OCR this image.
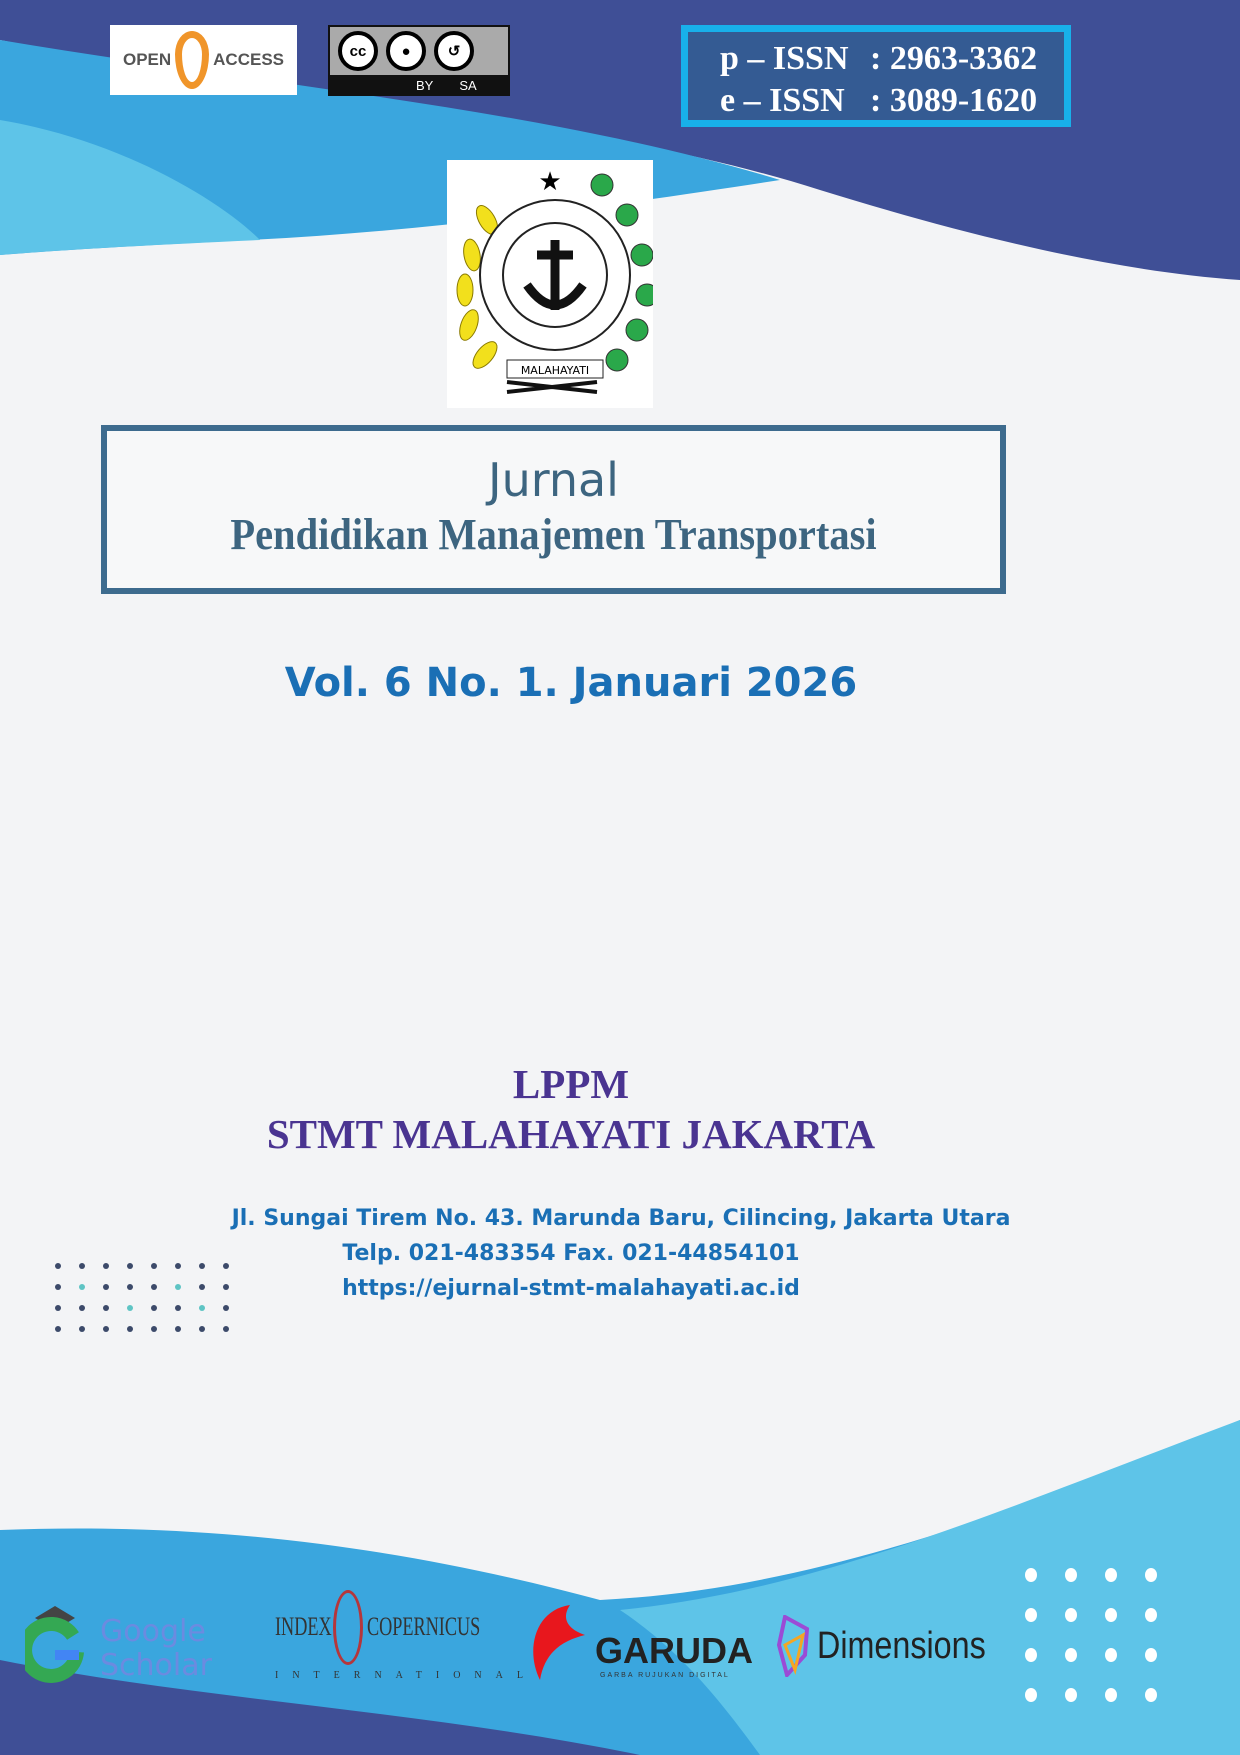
OPEN ACCESS	cc	●	↺
BY SA
p – ISSN : 2963-3362
e – ISSN : 3089-1620
★
MALAHAYATI
Jurnal
Pendidikan Manajemen Transportasi
Vol. 6 No. 1. Januari 2026
LPPM
STMT MALAHAYATI JAKARTA
Jl. Sungai Tirem No. 43. Marunda Baru, Cilincing, Jakarta Utara
Telp. 021-483354 Fax. 021-44854101
https://ejurnal-stmt-malahayati.ac.id
Google
Scholar
INDEX COPERNICUS
INTERNATIONAL
GARUDA
GARBA RUJUKAN DIGITAL
Dimensions
